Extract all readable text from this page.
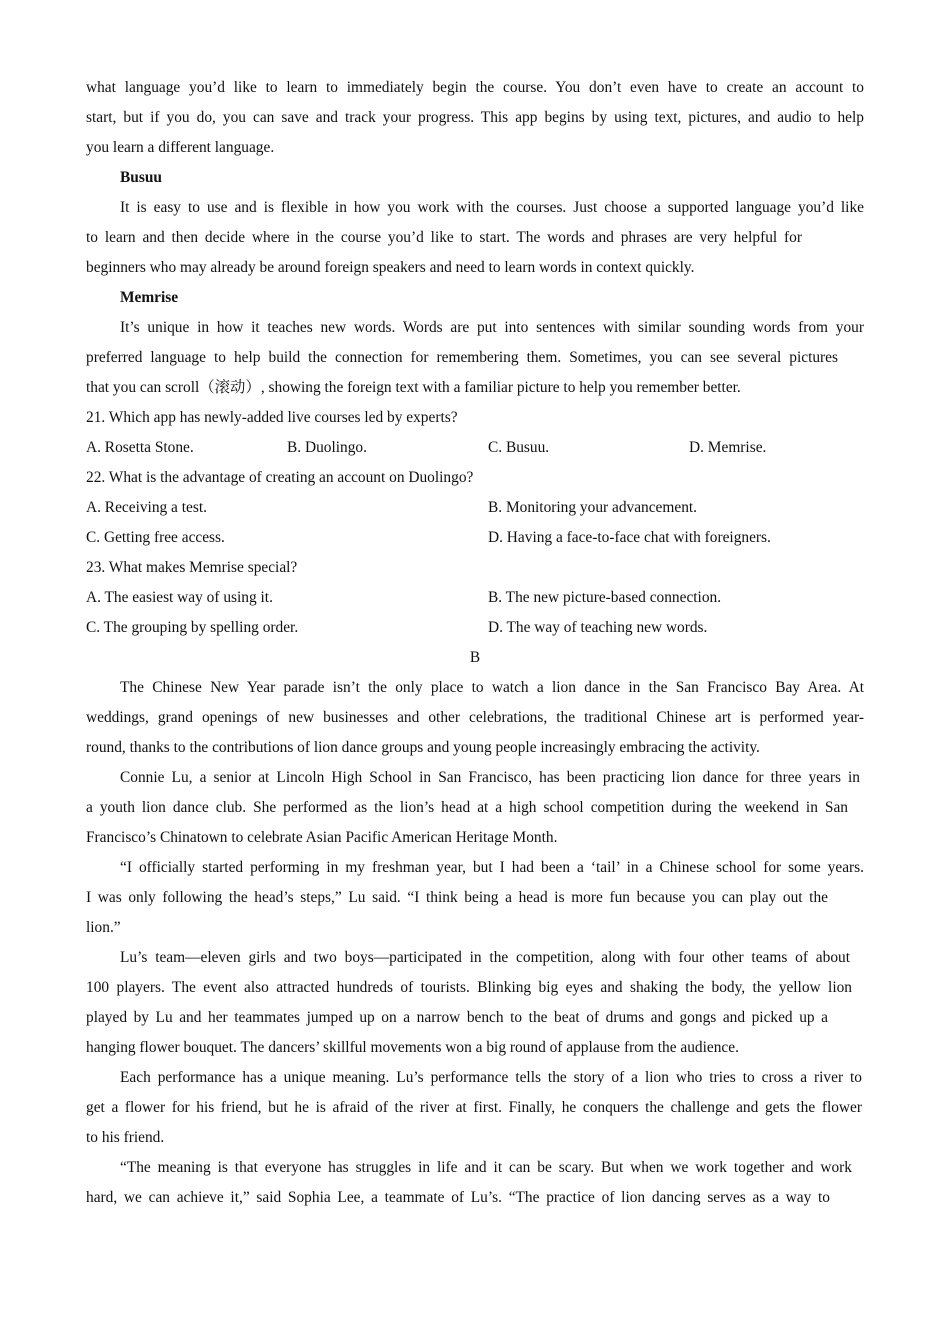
what language you’d like to learn to immediately begin the course. You don’t even have to create an account to
start, but if you do, you can save and track your progress. This app begins by using text, pictures, and audio to help
you learn a different language.
Busuu
It is easy to use and is flexible in how you work with the courses. Just choose a supported language you’d like
to learn and then decide where in the course you’d like to start. The words and phrases are very helpful for
beginners who may already be around foreign speakers and need to learn words in context quickly.
Memrise
It’s unique in how it teaches new words. Words are put into sentences with similar sounding words from your
preferred language to help build the connection for remembering them. Sometimes, you can see several pictures
that you can scroll（滚动）, showing the foreign text with a familiar picture to help you remember better.
21. Which app has newly-added live courses led by experts?
A. Rosetta Stone.	B. Duolingo.	C. Busuu.	D. Memrise.
22. What is the advantage of creating an account on Duolingo?
A. Receiving a test.	B. Monitoring your advancement.
C. Getting free access.	D. Having a face-to-face chat with foreigners.
23. What makes Memrise special?
A. The easiest way of using it.	B. The new picture-based connection.
C. The grouping by spelling order.	D. The way of teaching new words.
B
The Chinese New Year parade isn’t the only place to watch a lion dance in the San Francisco Bay Area. At
weddings, grand openings of new businesses and other celebrations, the traditional Chinese art is performed year-
round, thanks to the contributions of lion dance groups and young people increasingly embracing the activity.
Connie Lu, a senior at Lincoln High School in San Francisco, has been practicing lion dance for three years in
a youth lion dance club. She performed as the lion’s head at a high school competition during the weekend in San
Francisco’s Chinatown to celebrate Asian Pacific American Heritage Month.
“I officially started performing in my freshman year, but I had been a ‘tail’ in a Chinese school for some years.
I was only following the head’s steps,” Lu said. “I think being a head is more fun because you can play out the
lion.”
Lu’s team—eleven girls and two boys—participated in the competition, along with four other teams of about
100 players. The event also attracted hundreds of tourists. Blinking big eyes and shaking the body, the yellow lion
played by Lu and her teammates jumped up on a narrow bench to the beat of drums and gongs and picked up a
hanging flower bouquet. The dancers’ skillful movements won a big round of applause from the audience.
Each performance has a unique meaning. Lu’s performance tells the story of a lion who tries to cross a river to
get a flower for his friend, but he is afraid of the river at first. Finally, he conquers the challenge and gets the flower
to his friend.
“The meaning is that everyone has struggles in life and it can be scary. But when we work together and work
hard, we can achieve it,” said Sophia Lee, a teammate of Lu’s. “The practice of lion dancing serves as a way to
